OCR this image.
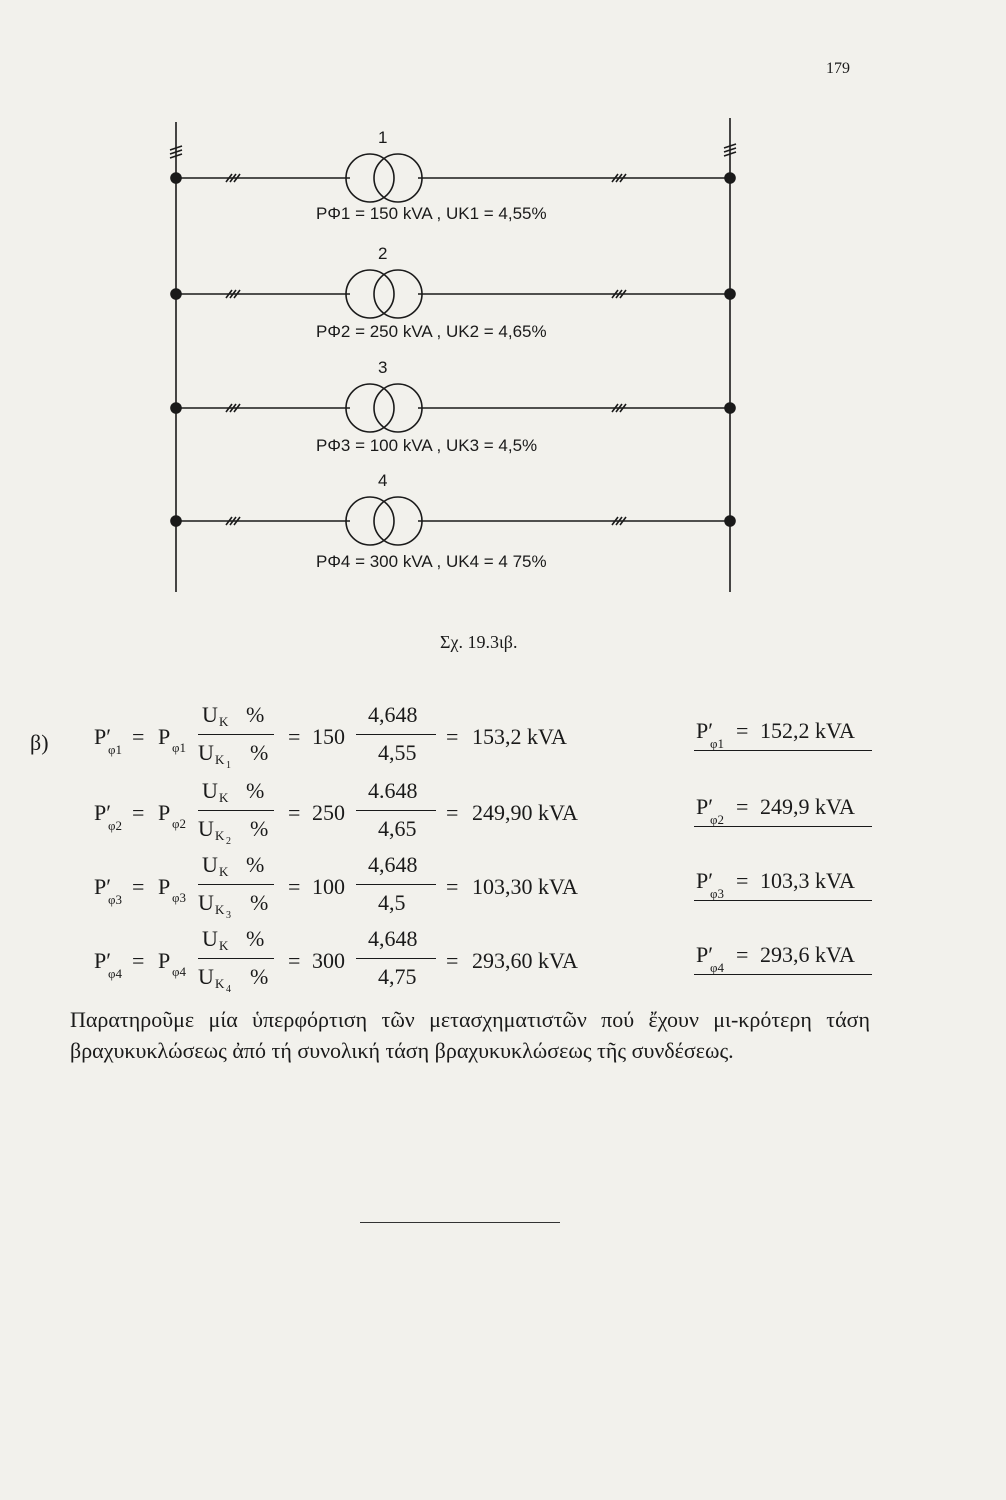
179
1
PΦ1 = 150 kVA , UΚ1 = 4,55%
2
PΦ2 = 250 kVA , UΚ2 = 4,65%
3
PΦ3 = 100 kVA , UΚ3 = 4,5%
4
PΦ4 = 300 kVA , UΚ4 = 4 75%
Σχ. 19.3ιβ.
β) P′
φ1
= P φ1
U K %
U K 1
%
= 150
4,648
4,55
= 153,2 kVA	P′
φ1
= 152,2 kVA
P′
φ2
= P φ2
U K %
U K 2
%
= 250
4.648
4,65
= 249,90 kVA	P′
φ2
= 249,9 kVA
P′
φ3
= P φ3
U K %
U K 3
%
= 100
4,648
4,5
= 103,30 kVA	P′
φ3
= 103,3 kVA
P′
φ4
= P φ4
U K %
U K 4
%
= 300
4,648
4,75
= 293,60 kVA	P′
φ4
= 293,6 kVA
Παρατηροῦμε μία ὑπερφόρτιση τῶν μετασχηματιστῶν πού ἔχουν μι-κρότερη τάση βραχυκυκλώσεως ἀπό τή συνολική τάση βραχυκυκλώσεως τῆς συνδέσεως.
